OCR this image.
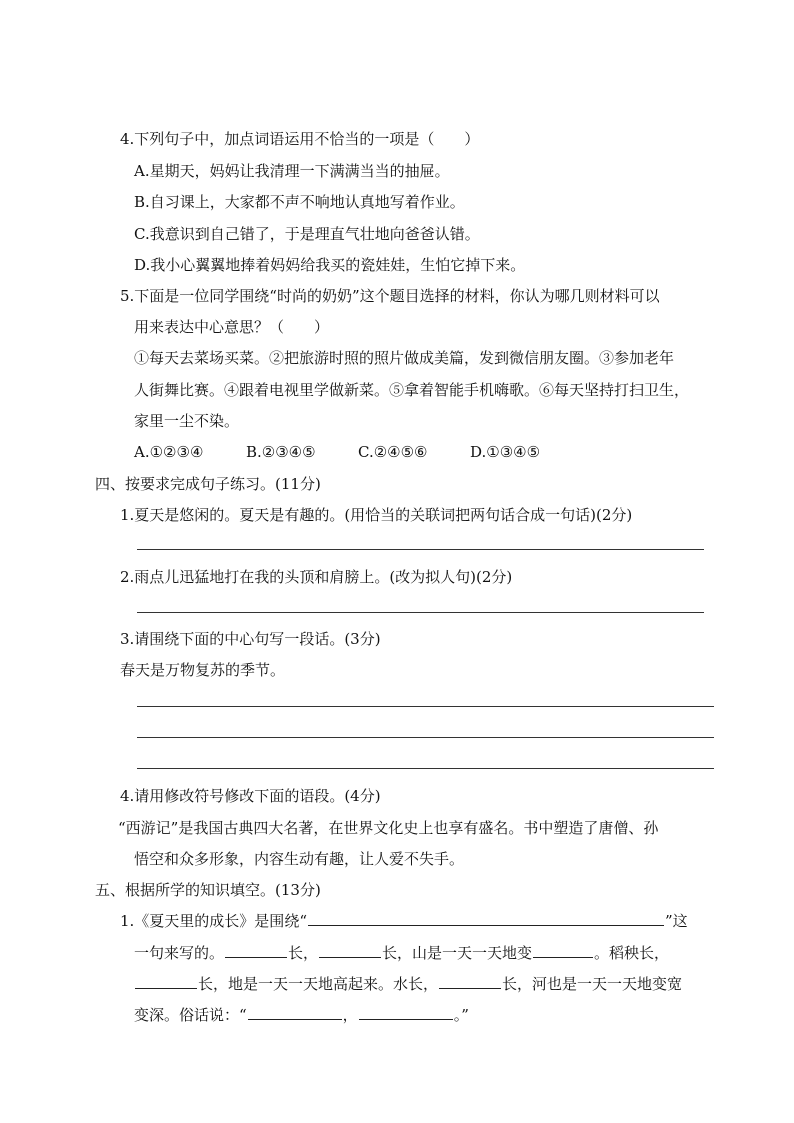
4.下列句子中，加点词语运用不恰当的一项是（　　）
A.星期天，妈妈让我清理一下满满当当的抽屉。
B.自习课上，大家都不声不响地认真地写着作业。
C.我意识到自己错了，于是理直气壮地向爸爸认错。
D.我小心翼翼地捧着妈妈给我买的瓷娃娃，生怕它掉下来。
5.下面是一位同学围绕“时尚的奶奶”这个题目选择的材料，你认为哪几则材料可以
用来表达中心意思？（　　）
①每天去菜场买菜。②把旅游时照的照片做成美篇，发到微信朋友圈。③参加老年
人街舞比赛。④跟着电视里学做新菜。⑤拿着智能手机嗨歌。⑥每天坚持打扫卫生，
家里一尘不染。
A.①②③④	B.②③④⑤	C.②④⑤⑥	D.①③④⑤
四、按要求完成句子练习。(11分)
1.夏天是悠闲的。夏天是有趣的。(用恰当的关联词把两句话合成一句话)(2分)
2.雨点儿迅猛地打在我的头顶和肩膀上。(改为拟人句)(2分)
3.请围绕下面的中心句写一段话。(3分)
春天是万物复苏的季节。
4.请用修改符号修改下面的语段。(4分)
“西游记”是我国古典四大名著，在世界文化史上也享有盛名。书中塑造了唐僧、孙
悟空和众多形象，内容生动有趣，让人爱不失手。
五、根据所学的知识填空。(13分)
1.《夏天里的成长》是围绕“	”这
一句来写的。	长，	长，山是一天一天地变	。稻秧长，
长，地是一天一天地高起来。水长，	长，河也是一天一天地变宽
变深。俗话说：“	，	。”
